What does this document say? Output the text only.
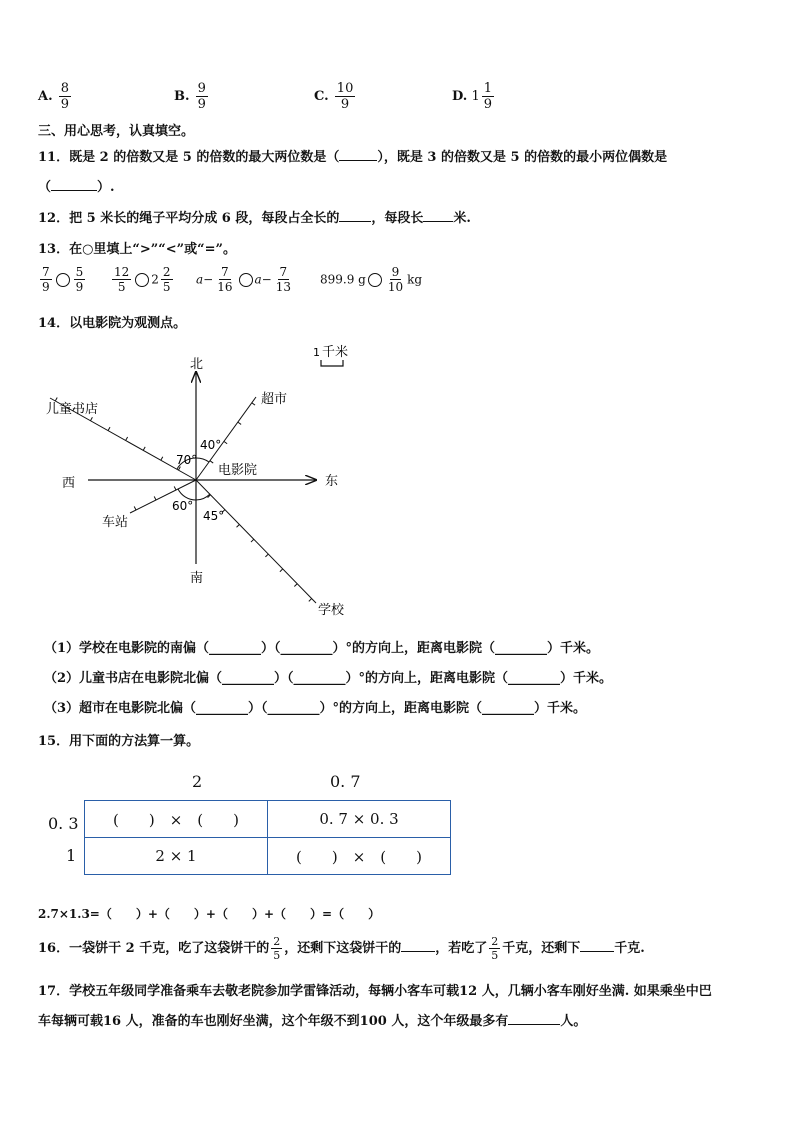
A. $\frac{8}{9}$	B. $\frac{9}{9}$	C. $\frac{10}{9}$	D. $1 \frac{1}{9}$
三、用心思考，认真填空。
11．既是 2 的倍数又是 5 的倍数的最大两位数是（	），既是 3 的倍数又是 5 的倍数的最小两位偶数是
（	）.
12．把 5 米长的绳子平均分成 6 段，每段占全长的 ，每段长 米.
13．在○里填上“>”“<”或“=”。
$\frac{7}{9} \frac{5}{9} \frac{12}{5} 2 \frac{2}{5} a- \frac{7}{16} a- \frac{7}{13} 899.9$ g $\frac{9}{10}$ kg
14．以电影院为观测点。
北
南
东
西
电影院
超市
儿童书店
车站
学校
40°
70°
60°
45°
1 千米
（1）学校在电影院的南偏（________）（________）°的方向上，距离电影院（________）千米。
（2）儿童书店在电影院北偏（________）（________）°的方向上，距离电影院（________）千米。
（3）超市在电影院北偏（________）（________）°的方向上，距离电影院（________）千米。
15．用下面的方法算一算。
2	0. 7
0. 3
1
(　　)　×　(　　)	0. 7 × 0. 3
2 × 1	(　　)　×　(　　)
2.7×1.3=（　　）+（　　）+（　　）+（　　）=（　　）
16．一袋饼干 2 千克，吃了这袋饼干的 $\frac{2}{5}$ ，还剩下这袋饼干的	，若吃了 $\frac{2}{5}$ 千克，还剩下	千克.
17．学校五年级同学准备乘车去敬老院参加学雷锋活动，每辆小客车可载12 人，几辆小客车刚好坐满. 如果乘坐中巴
车每辆可载16 人，准备的车也刚好坐满，这个年级不到100 人，这个年级最多有	人。
